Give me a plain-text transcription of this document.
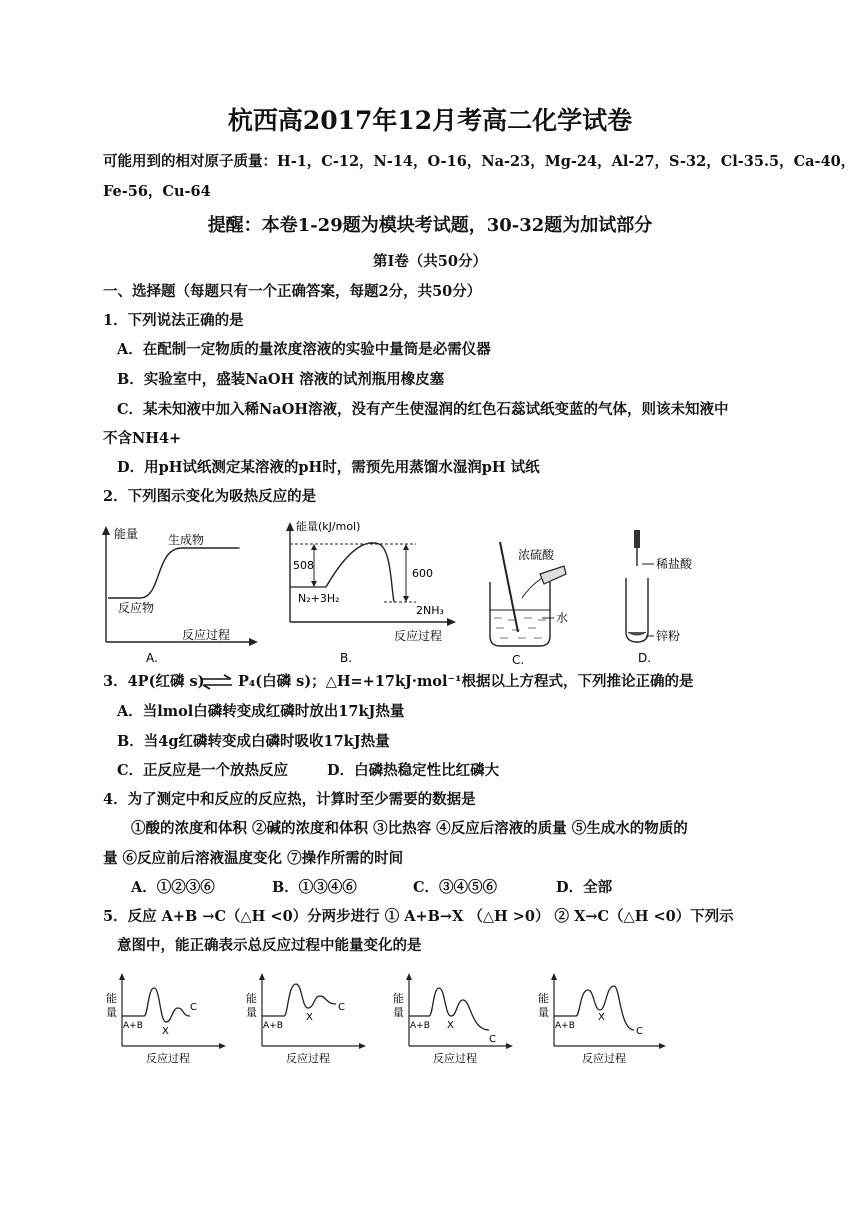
杭西高2017年12月考高二化学试卷
可能用到的相对原子质量：H-1，C-12，N-14，O-16，Na-23，Mg-24，Al-27，S-32，Cl-35.5，Ca-40，
Fe-56，Cu-64
提醒：本卷1-29题为模块考试题，30-32题为加试部分
第I卷（共50分）
一、选择题（每题只有一个正确答案，每题2分，共50分）
1．下列说法正确的是
A．在配制一定物质的量浓度溶液的实验中量筒是必需仪器
B．实验室中，盛装NaOH 溶液的试剂瓶用橡皮塞
C．某未知液中加入稀NaOH溶液，没有产生使湿润的红色石蕊试纸变蓝的气体，则该未知液中
不含NH4+
D．用pH试纸测定某溶液的pH时，需预先用蒸馏水湿润pH 试纸
2．下列图示变化为吸热反应的是
能量 生成物
反应物
反应过程
A.
能量(kJ/mol)
508
600
N₂+3H₂
2NH₃
反应过程
B.
浓硫酸
水
C.
稀盐酸
锌粉
D.
3．4P(红磷 s) ⇌ P₄(白磷 s)；△H=+17kJ·mol⁻¹根据以上方程式，下列推论正确的是
A．当lmol白磷转变成红磷时放出17kJ热量
B．当4g红磷转变成白磷时吸收17kJ热量
C．正反应是一个放热反应	D．白磷热稳定性比红磷大
4．为了测定中和反应的反应热，计算时至少需要的数据是
①酸的浓度和体积 ②碱的浓度和体积 ③比热容 ④反应后溶液的质量 ⑤生成水的物质的
量 ⑥反应前后溶液温度变化 ⑦操作所需的时间
A．①②③⑥	B．①③④⑥	C．③④⑤⑥	D．全部
5．反应 A+B →C（△H <0）分两步进行 ① A+B→X （△H >0） ② X→C（△H <0）下列示
意图中，能正确表示总反应过程中能量变化的是
能
量
A+B X
C
反应过程
能
量
A+B
X
C
反应过程
能
量
A+B X
C
反应过程
能
量
A+B
X
C
反应过程
